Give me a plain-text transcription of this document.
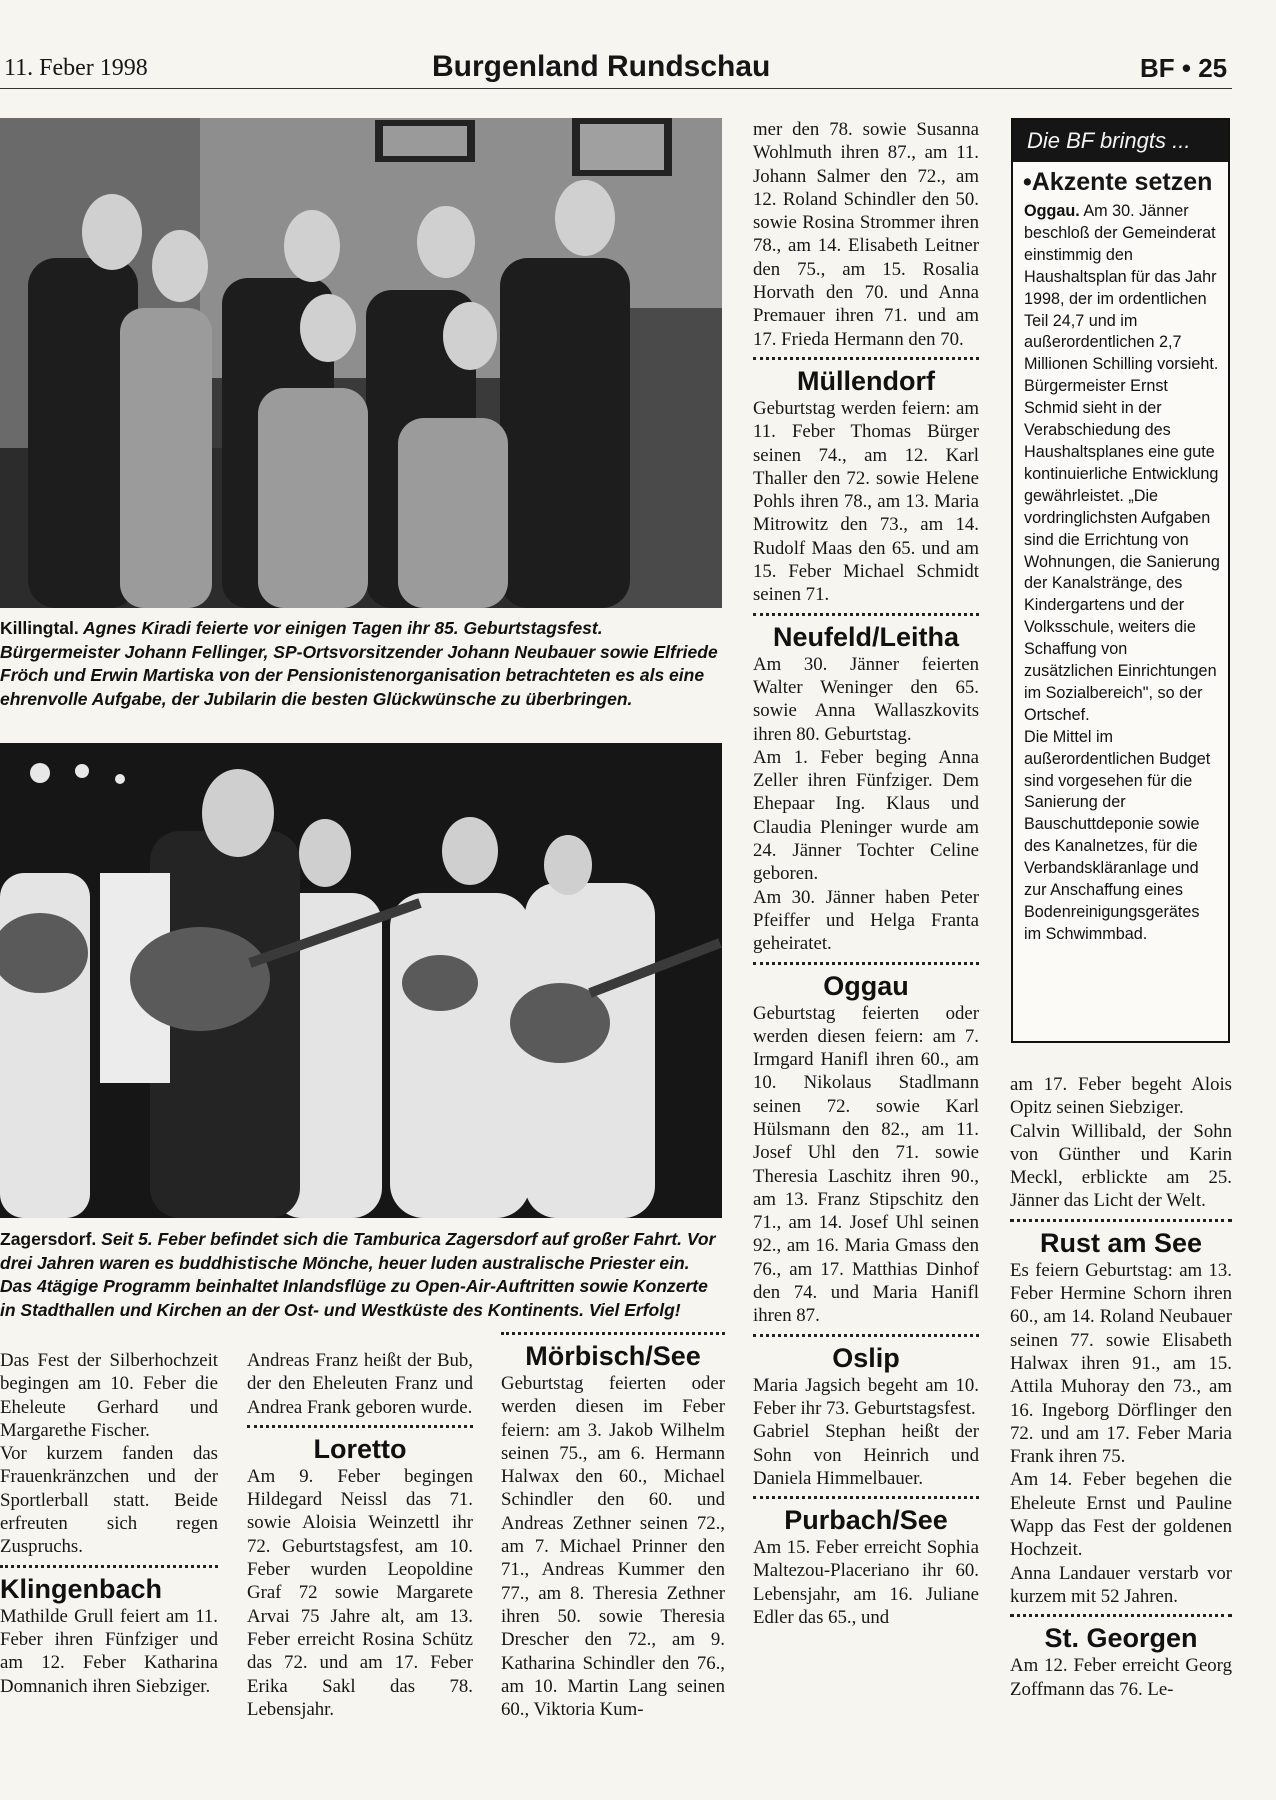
11. Feber 1998	Burgenland Rundschau	BF • 25
Killingtal. Agnes Kiradi feierte vor einigen Tagen ihr 85. Geburtstagsfest. Bürgermeister Johann Fellinger, SP-Ortsvorsitzender Johann Neubauer sowie Elfriede Fröch und Erwin Martiska von der Pensionistenorganisation betrachteten es als eine ehrenvolle Aufgabe, der Jubilarin die besten Glückwünsche zu überbringen.
Zagersdorf. Seit 5. Feber befindet sich die Tamburica Zagersdorf auf großer Fahrt. Vor drei Jahren waren es buddhistische Mönche, heuer luden australische Priester ein. Das 4tägige Programm beinhaltet Inlandsflüge zu Open-Air-Auftritten sowie Konzerte in Stadthallen und Kirchen an der Ost- und Westküste des Kontinents. Viel Erfolg!

Das Fest der Silberhochzeit begingen am 10. Feber die Eheleute Gerhard und Margarethe Fischer.

Vor kurzem fanden das Frauenkränzchen und der Sportlerball statt. Beide erfreuten sich regen Zuspruchs.

Klingenbach

Mathilde Grull feiert am 11. Feber ihren Fünfziger und am 12. Feber Katharina Domnanich ihren Siebziger.

Andreas Franz heißt der Bub, der den Eheleuten Franz und Andrea Frank geboren wurde.

Loretto

Am 9. Feber begingen Hildegard Neissl das 71. sowie Aloisia Weinzettl ihr 72. Geburtstagsfest, am 10. Feber wurden Leopoldine Graf 72 sowie Margarete Arvai 75 Jahre alt, am 13. Feber erreicht Rosina Schütz das 72. und am 17. Feber Erika Sakl das 78. Lebensjahr.

Mörbisch/See

Geburtstag feierten oder werden diesen im Feber feiern: am 3. Jakob Wilhelm seinen 75., am 6. Hermann Halwax den 60., Michael Schindler den 60. und Andreas Zethner seinen 72., am 7. Michael Prinner den 71., Andreas Kummer den 77., am 8. Theresia Zethner ihren 50. sowie Theresia Drescher den 72., am 9. Katharina Schindler den 76., am 10. Martin Lang seinen 60., Viktoria Kum-

mer den 78. sowie Susanna Wohlmuth ihren 87., am 11. Johann Salmer den 72., am 12. Roland Schindler den 50. sowie Rosina Strommer ihren 78., am 14. Elisabeth Leitner den 75., am 15. Rosalia Horvath den 70. und Anna Premauer ihren 71. und am 17. Frieda Hermann den 70.

Müllendorf

Geburtstag werden feiern: am 11. Feber Thomas Bürger seinen 74., am 12. Karl Thaller den 72. sowie Helene Pohls ihren 78., am 13. Maria Mitrowitz den 73., am 14. Rudolf Maas den 65. und am 15. Feber Michael Schmidt seinen 71.

Neufeld/Leitha

Am 30. Jänner feierten Walter Weninger den 65. sowie Anna Wallaszkovits ihren 80. Geburtstag.

Am 1. Feber beging Anna Zeller ihren Fünfziger. Dem Ehepaar Ing. Klaus und Claudia Pleninger wurde am 24. Jänner Tochter Celine geboren.

Am 30. Jänner haben Peter Pfeiffer und Helga Franta geheiratet.

Oggau

Geburtstag feierten oder werden diesen feiern: am 7. Irmgard Hanifl ihren 60., am 10. Nikolaus Stadlmann seinen 72. sowie Karl Hülsmann den 82., am 11. Josef Uhl den 71. sowie Theresia Laschitz ihren 90., am 13. Franz Stipschitz den 71., am 14. Josef Uhl seinen 92., am 16. Maria Gmass den 76., am 17. Matthias Dinhof den 74. und Maria Hanifl ihren 87.

Oslip

Maria Jagsich begeht am 10. Feber ihr 73. Geburtstagsfest.

Gabriel Stephan heißt der Sohn von Heinrich und Daniela Himmelbauer.

Purbach/See

Am 15. Feber erreicht Sophia Maltezou-Placeriano ihr 60. Lebensjahr, am 16. Juliane Edler das 65., und

Die BF bringts ...
•Akzente setzen

Oggau. Am 30. Jänner beschloß der Gemeinderat einstimmig den Haushaltsplan für das Jahr 1998, der im ordentlichen Teil 24,7 und im außerordentlichen 2,7 Millionen Schilling vorsieht.

Bürgermeister Ernst Schmid sieht in der Verabschiedung des Haushaltsplanes eine gute kontinuierliche Entwicklung gewährleistet. „Die vordringlichsten Aufgaben sind die Errichtung von Wohnungen, die Sanierung der Kanalstränge, des Kindergartens und der Volksschule, weiters die Schaffung von zusätzlichen Einrichtungen im Sozialbereich", so der Ortschef.

Die Mittel im außerordentlichen Budget sind vorgesehen für die Sanierung der Bauschuttdeponie sowie des Kanalnetzes, für die Verbandskläranlage und zur Anschaffung eines Bodenreinigungsgerätes im Schwimmbad.

am 17. Feber begeht Alois Opitz seinen Siebziger.

Calvin Willibald, der Sohn von Günther und Karin Meckl, erblickte am 25. Jänner das Licht der Welt.

Rust am See

Es feiern Geburtstag: am 13. Feber Hermine Schorn ihren 60., am 14. Roland Neubauer seinen 77. sowie Elisabeth Halwax ihren 91., am 15. Attila Muhoray den 73., am 16. Ingeborg Dörflinger den 72. und am 17. Feber Maria Frank ihren 75.

Am 14. Feber begehen die Eheleute Ernst und Pauline Wapp das Fest der goldenen Hochzeit.

Anna Landauer verstarb vor kurzem mit 52 Jahren.

St. Georgen

Am 12. Feber erreicht Georg Zoffmann das 76. Le-
